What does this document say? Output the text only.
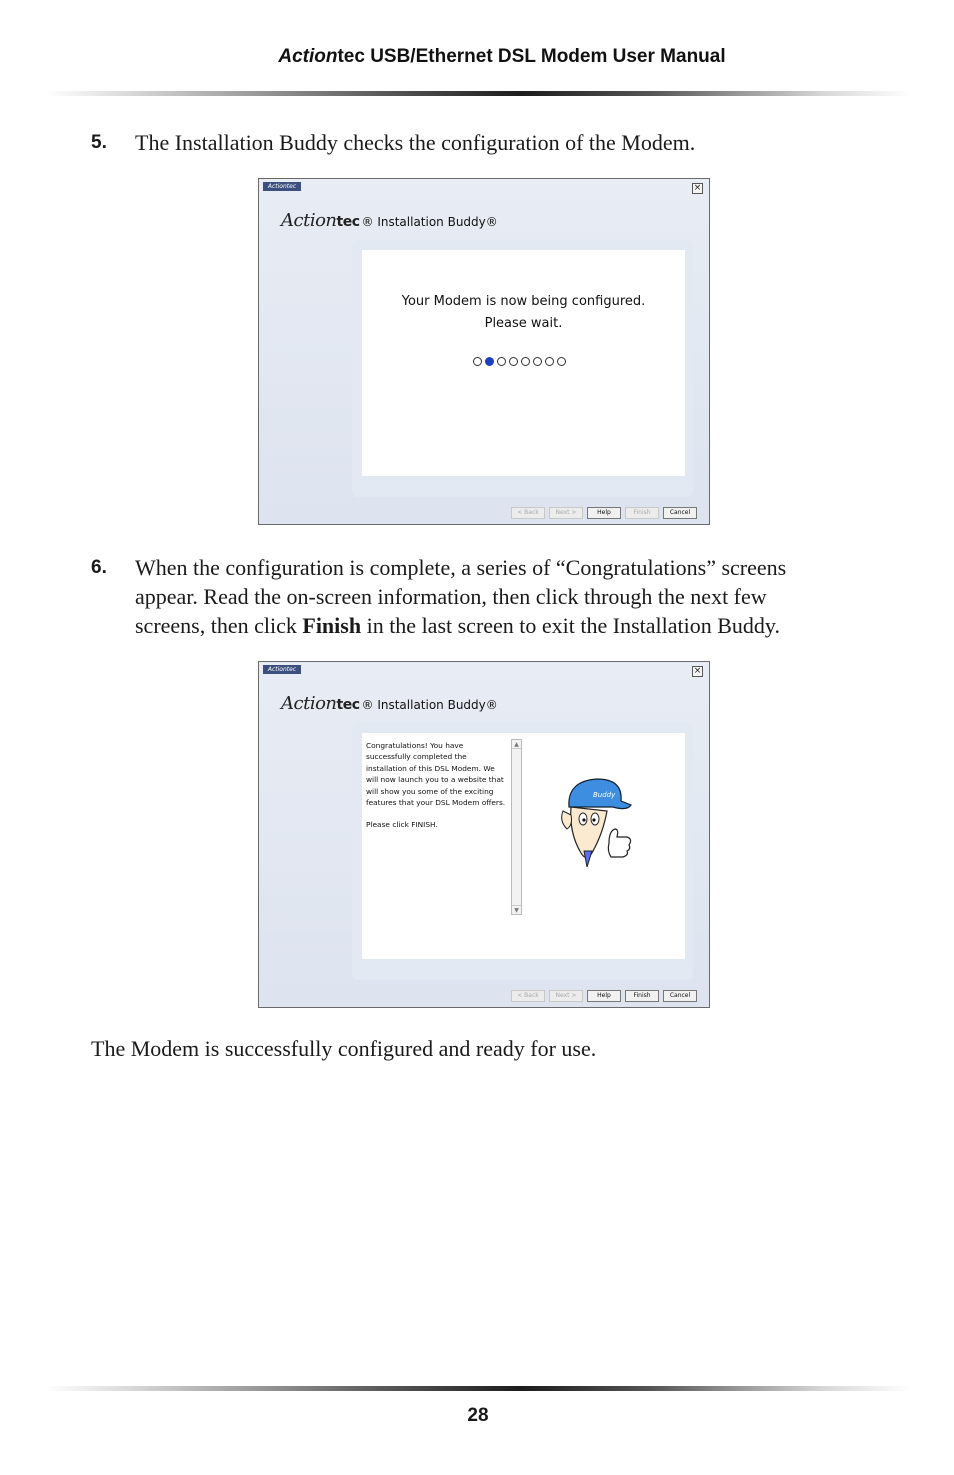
Actiontec USB/Ethernet DSL Modem User Manual
5. The Installation Buddy checks the configuration of the Modem.
Actiontec	×
Actiontec ® Installation Buddy®
Your Modem is now being configured.
Please wait.
< Back	Next >	Help	Finish	Cancel
6. When the configuration is complete, a series of “Congratulations” screens appear. Read the on-screen information, then click through the next few screens, then click Finish in the last screen to exit the Installation Buddy.
Actiontec	×
Actiontec ® Installation Buddy®
Congratulations! You have successfully completed the installation of this DSL Modem. We will now launch you to a website that will show you some of the exciting features that your DSL Modem offers.
Please click FINISH.
▲
▼
Buddy
< Back	Next >	Help	Finish	Cancel
The Modem is successfully configured and ready for use.
28
